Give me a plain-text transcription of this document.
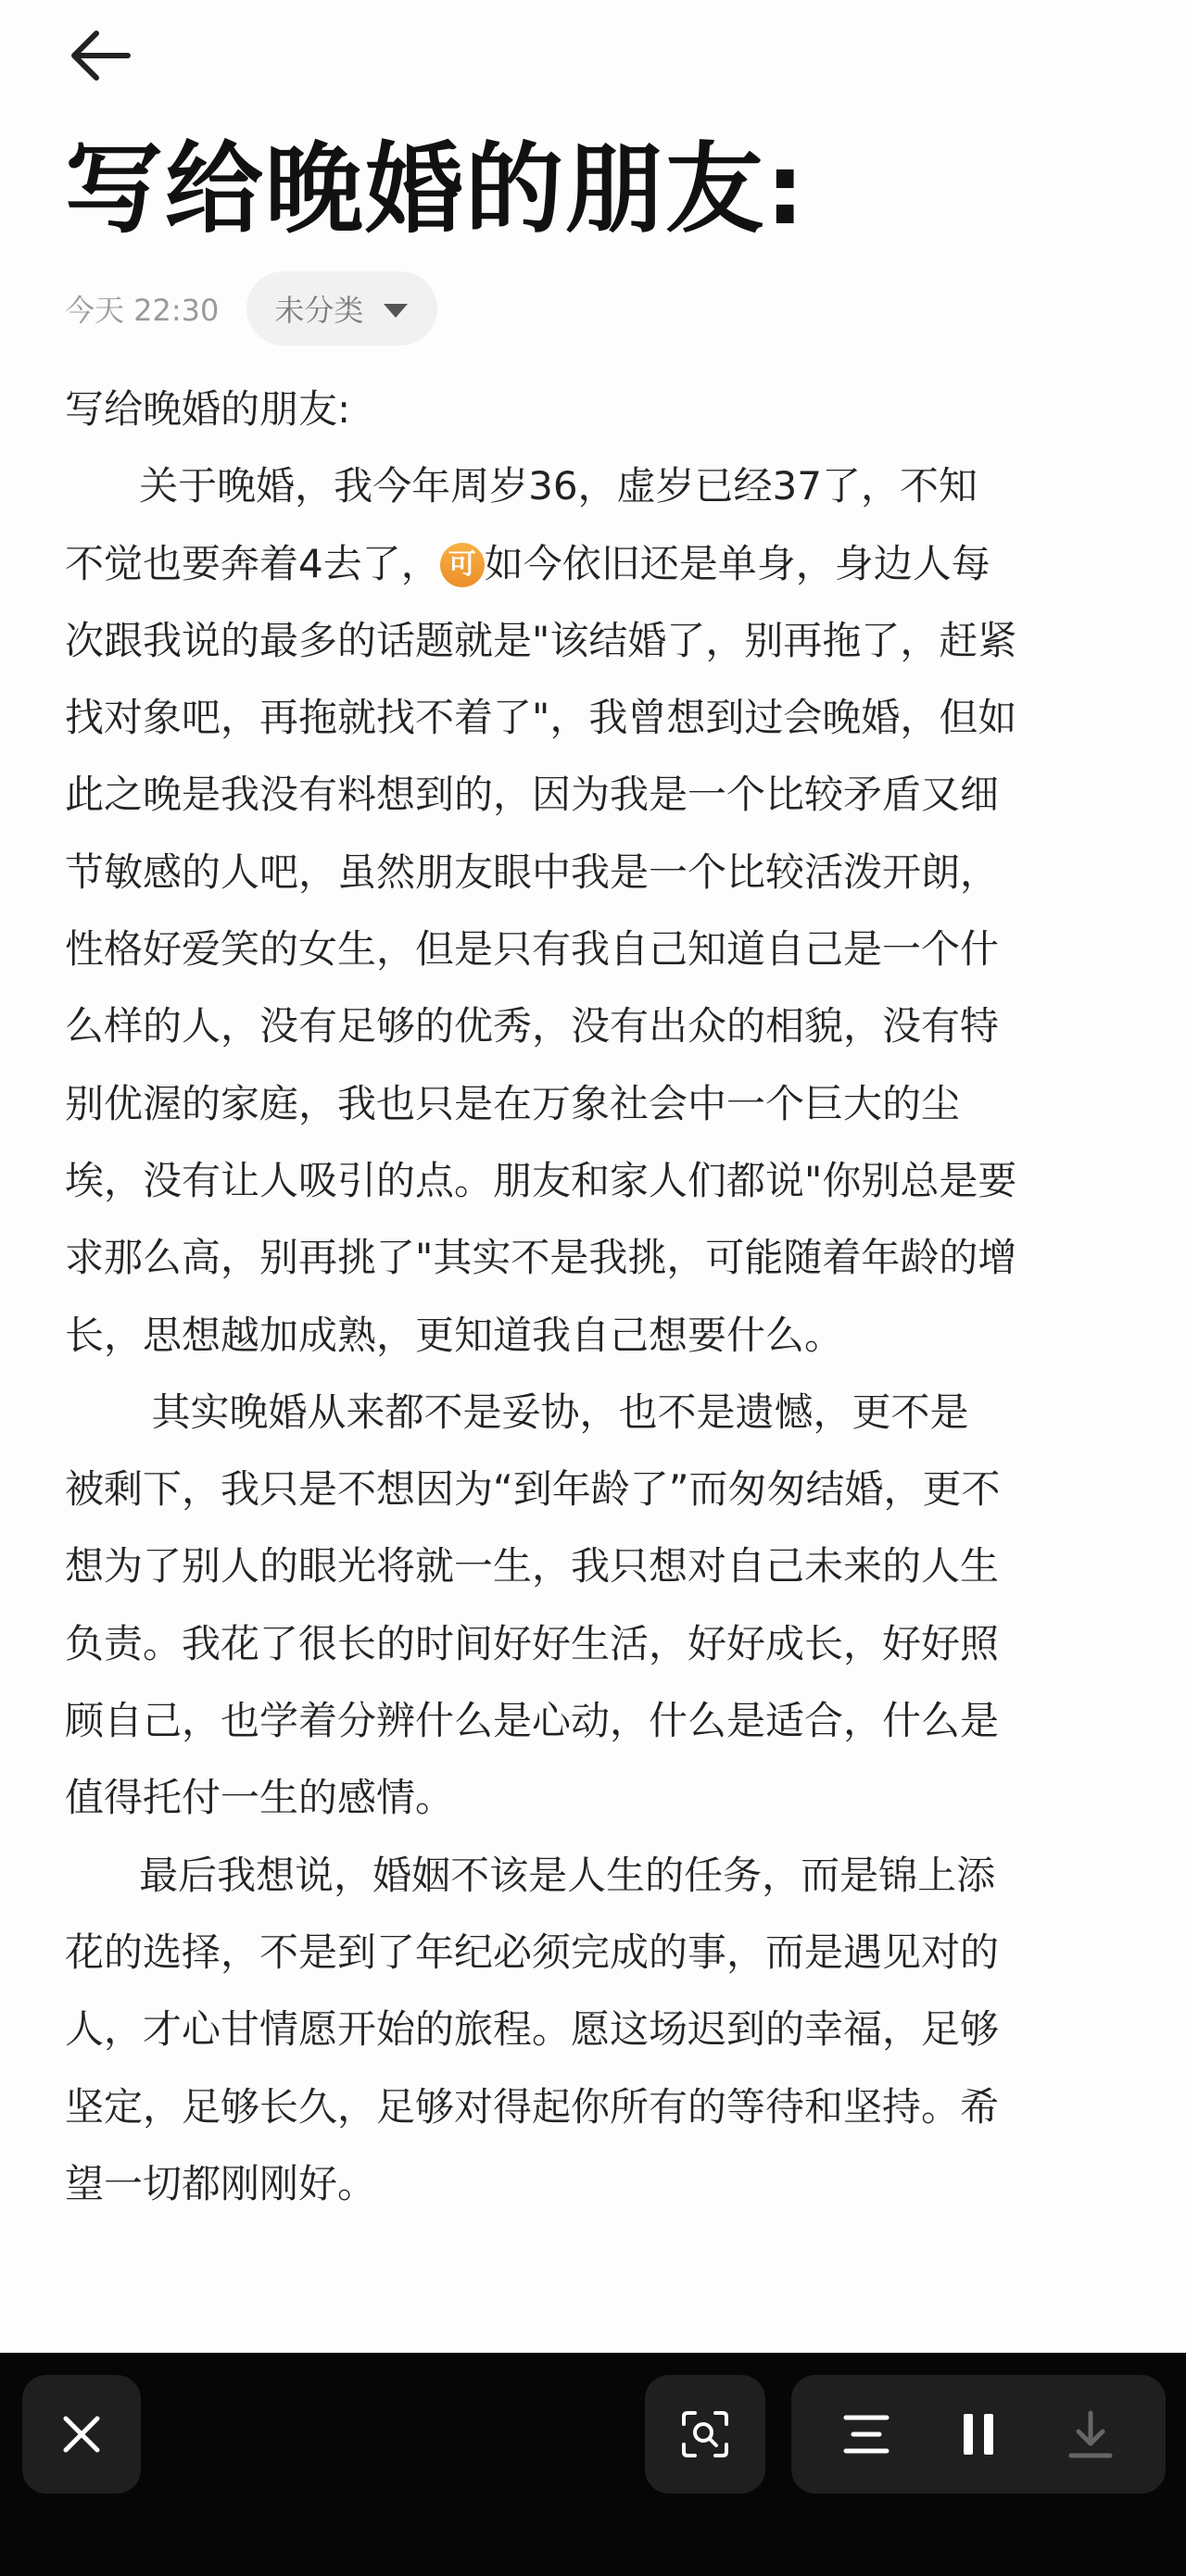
写给晚婚的朋友:
今天 22:30 未分类
写给晚婚的朋友:
关于晚婚，我今年周岁36，虚岁已经37了，不知
不觉也要奔着4去了， 可 如今依旧还是单身，身边人每
次跟我说的最多的话题就是"该结婚了，别再拖了，赶紧
找对象吧，再拖就找不着了"，我曾想到过会晚婚，但如
此之晚是我没有料想到的，因为我是一个比较矛盾又细
节敏感的人吧，虽然朋友眼中我是一个比较活泼开朗，
性格好爱笑的女生，但是只有我自己知道自己是一个什
么样的人，没有足够的优秀，没有出众的相貌，没有特
别优渥的家庭，我也只是在万象社会中一个巨大的尘
埃，没有让人吸引的点。朋友和家人们都说"你别总是要
求那么高，别再挑了"其实不是我挑，可能随着年龄的增
长，思想越加成熟，更知道我自己想要什么。
其实晚婚从来都不是妥协，也不是遗憾，更不是
被剩下，我只是不想因为“到年龄了”而匆匆结婚，更不
想为了别人的眼光将就一生，我只想对自己未来的人生
负责。我花了很长的时间好好生活，好好成长，好好照
顾自己，也学着分辨什么是心动，什么是适合，什么是
值得托付一生的感情。
最后我想说，婚姻不该是人生的任务，而是锦上添
花的选择，不是到了年纪必须完成的事，而是遇见对的
人，才心甘情愿开始的旅程。愿这场迟到的幸福，足够
坚定，足够长久，足够对得起你所有的等待和坚持。希
望一切都刚刚好。
